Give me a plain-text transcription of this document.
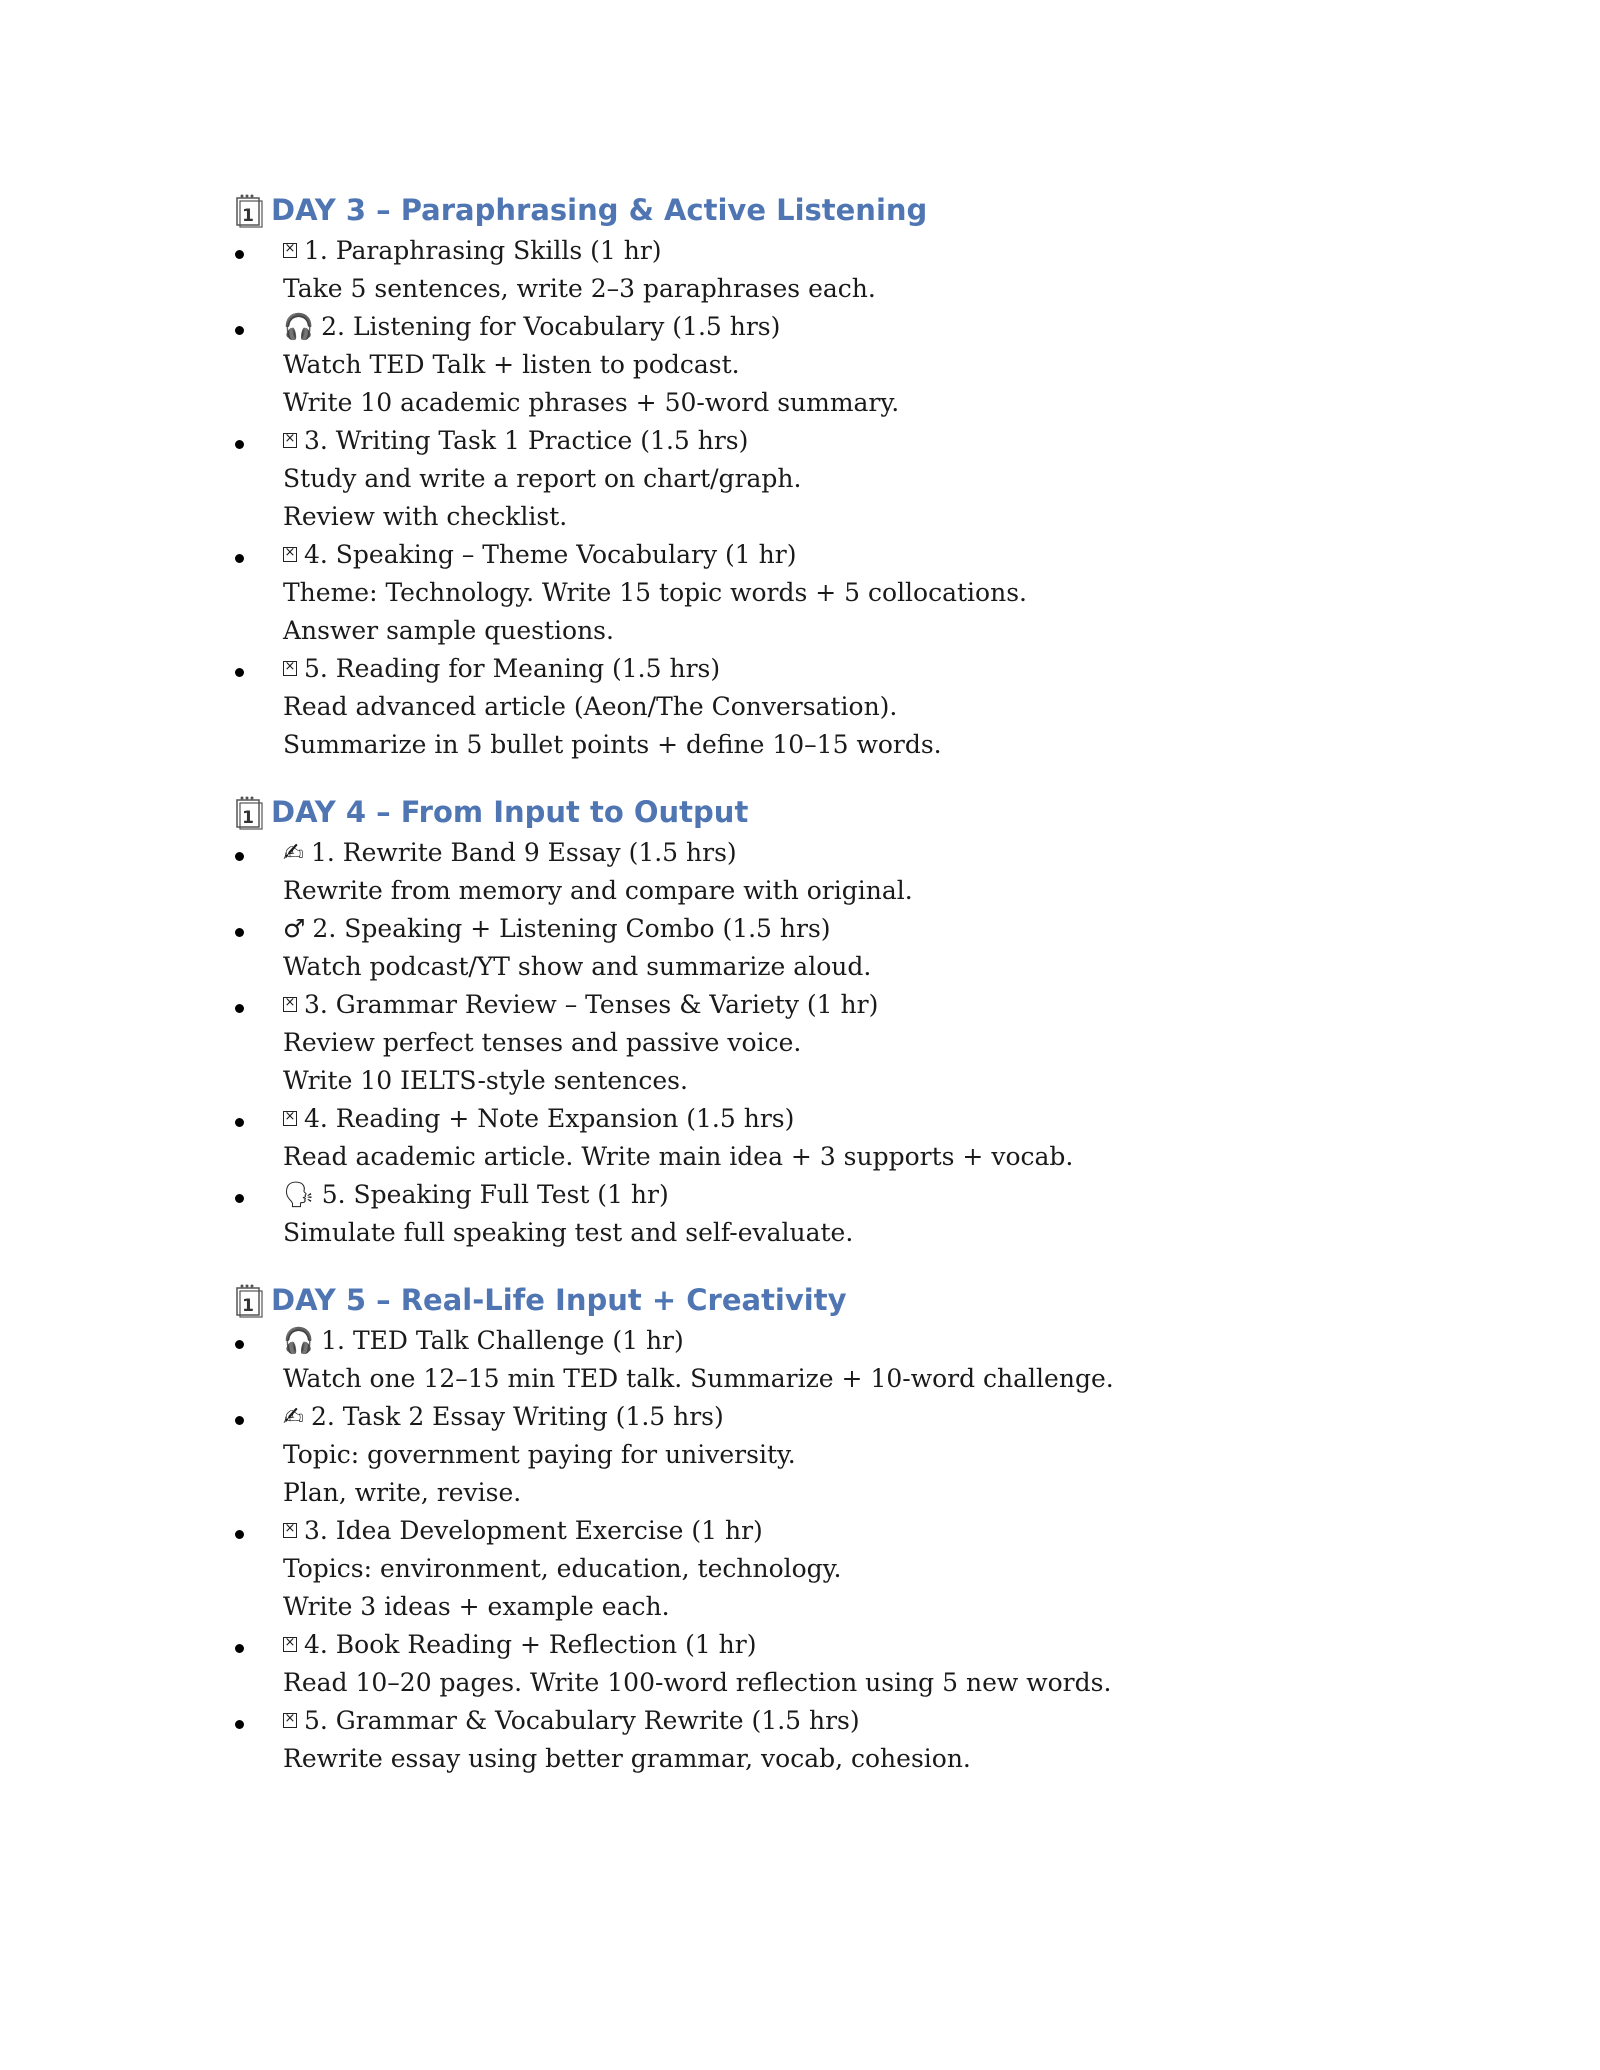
1 DAY 3 – Paraphrasing & Active Listening
×1. Paraphrasing Skills (1 hr)
Take 5 sentences, write 2–3 paraphrases each.
🎧 2. Listening for Vocabulary (1.5 hrs)
Watch TED Talk + listen to podcast.
Write 10 academic phrases + 50-word summary.
×3. Writing Task 1 Practice (1.5 hrs)
Study and write a report on chart/graph.
Review with checklist.
×4. Speaking – Theme Vocabulary (1 hr)
Theme: Technology. Write 15 topic words + 5 collocations.
Answer sample questions.
×5. Reading for Meaning (1.5 hrs)
Read advanced article (Aeon/The Conversation).
Summarize in 5 bullet points + define 10–15 words.
1 DAY 4 – From Input to Output
✍ 1. Rewrite Band 9 Essay (1.5 hrs)
Rewrite from memory and compare with original.
♂ 2. Speaking + Listening Combo (1.5 hrs)
Watch podcast/YT show and summarize aloud.
×3. Grammar Review – Tenses & Variety (1 hr)
Review perfect tenses and passive voice.
Write 10 IELTS-style sentences.
×4. Reading + Note Expansion (1.5 hrs)
Read academic article. Write main idea + 3 supports + vocab.
🗣 5. Speaking Full Test (1 hr)
Simulate full speaking test and self-evaluate.
1 DAY 5 – Real-Life Input + Creativity
🎧 1. TED Talk Challenge (1 hr)
Watch one 12–15 min TED talk. Summarize + 10-word challenge.
✍ 2. Task 2 Essay Writing (1.5 hrs)
Topic: government paying for university.
Plan, write, revise.
×3. Idea Development Exercise (1 hr)
Topics: environment, education, technology.
Write 3 ideas + example each.
×4. Book Reading + Reflection (1 hr)
Read 10–20 pages. Write 100-word reflection using 5 new words.
×5. Grammar & Vocabulary Rewrite (1.5 hrs)
Rewrite essay using better grammar, vocab, cohesion.
